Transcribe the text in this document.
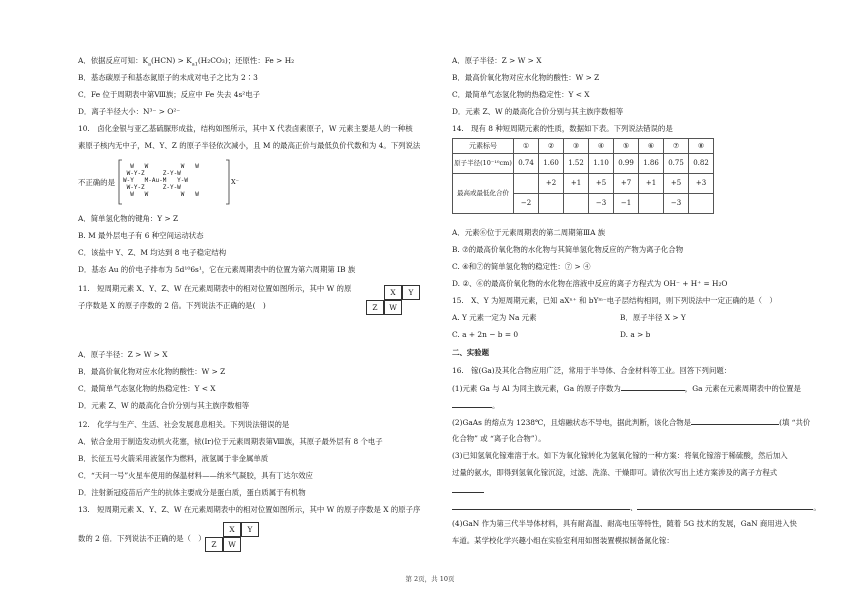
A．依据反应可知：$K_a(HCN) > K_{a1}(H_2CO_3)$；还原性：Fe > H₂
B．基态碳原子和基态氮原子的未成对电子之比为 2∶3
C．Fe 位于周期表中第Ⅷ族；反应中 Fe 失去 4s²电子
D．离子半径大小：N³⁻ > O²⁻
10.　卤化金银与亚乙基硫脲形成盐，结构如图所示，其中 X 代表卤素原子，W 元素主要是人的一种核
素原子核内无中子，M、Y、Z 的原子半径依次减小，且 M 的最高正价与最低负价代数和为 4。下列说法
不正确的是
W   W         W   W
W-Y-Z     Z-Y-W
W-Y   M-Au-M   Y-W
W-Y-Z     Z-Y-W
W   W         W   W
X⁻
A．简单氢化物的键角：Y > Z
B. M 最外层电子有 6 种空间运动状态
C．该盐中 Y、Z、M 均达到 8 电子稳定结构
D．基态 Au 的价电子排布为 5d¹⁰6s¹，它在元素周期表中的位置为第六周期第 IB 族
11.　短周期元素 X、Y、Z、W 在元素周期表中的相对位置如图所示，其中 W 的原
子序数是 X 的原子序数的 2 倍。下列说法不正确的是(　)
X	Y
Z	W
A．原子半径：Z > W > X
B．最高价氧化物对应水化物的酸性：W > Z
C．最简单气态氢化物的热稳定性：Y < X
D．元素 Z、W 的最高化合价分别与其主族序数相等
12.　化学与生产、生活、社会发展息息相关。下列说法错误的是
A．铱合金用于制造发动机火花塞，铱(Ir)位于元素周期表第Ⅷ族，其原子最外层有 8 个电子
B．长征五号火箭采用液氢作为燃料，液氢属于非金属单质
C．“天问一号”火星车使用的保温材料——纳米气凝胶，具有丁达尔效应
D．注射新冠疫苗后产生的抗体主要成分是蛋白质，蛋白质属于有机物
13.　短周期元素 X、Y、Z、W 在元素周期表中的相对位置如图所示，其中 W 的原子序数是 X 的原子序
数的 2 倍．下列说法不正确的是（　）
X	Y
Z	W
A．原子半径：Z > W > X
B．最高价氧化物对应水化物的酸性：W > Z
C．最简单气态氢化物的热稳定性：Y < X
D．元素 Z、W 的最高化合价分别与其主族序数相等
14.　现有 8 种短周期元素的性质，数据如下表。下列说法错误的是
元素标号	①	②	③	④	⑤	⑥	⑦	⑧
原子半径(10⁻¹⁰cm)	0.74	1.60	1.52	1.10	0.99	1.86	0.75	0.82
最高或最低化合价		+2	+1	+5	+7	+1	+5	+3
	−2			−3	−1		−3	
A．元素⑥位于元素周期表的第二周期第ⅢA 族
B. ⑦的最高价氧化物的水化物与其简单氢化物反应的产物为离子化合物
C. ④和⑦的简单氢化物的稳定性：⑦ > ④
D. ②、⑥的最高价氧化物的水化物在溶液中反应的离子方程式为 OH⁻ + H⁺ = H₂O
15.　X、Y 为短周期元素，已知 aXⁿ⁺ 和 bYᵐ⁻电子层结构相同，则下列说法中一定正确的是（　）
A. Y 元素一定为 Na 元素	B．原子半径 X > Y
C. a + 2n − b = 0	D. a > b
二、实验题
16.　镓(Ga)及其化合物应用广泛，常用于半导体、合金材料等工业。回答下列问题：
(1)元素 Ga 与 Al 为同主族元素，Ga 的原子序数为	，Ga 元素在元素周期表中的位置是
。
(2)GaAs 的熔点为 1238℃，且熔融状态不导电，据此判断，该化合物是	(填 “共价
化合物” 或 “离子化合物”）。
(3)已知氢氧化镓难溶于水。如下为氧化镓转化为氢氧化镓的一种方案：将氧化镓溶于稀硫酸，然后加入
过量的氨水，即得到氢氧化镓沉淀，过滤、洗涤、干燥即可。请依次写出上述方案涉及的离子方程式
、	。
(4)GaN 作为第三代半导体材料，具有耐高温、耐高电压等特性，随着 5G 技术的发展，GaN 商用进入快
车道。某学校化学兴趣小组在实验室利用如图装置模拟制备氮化镓：
第 2页，共 10页
